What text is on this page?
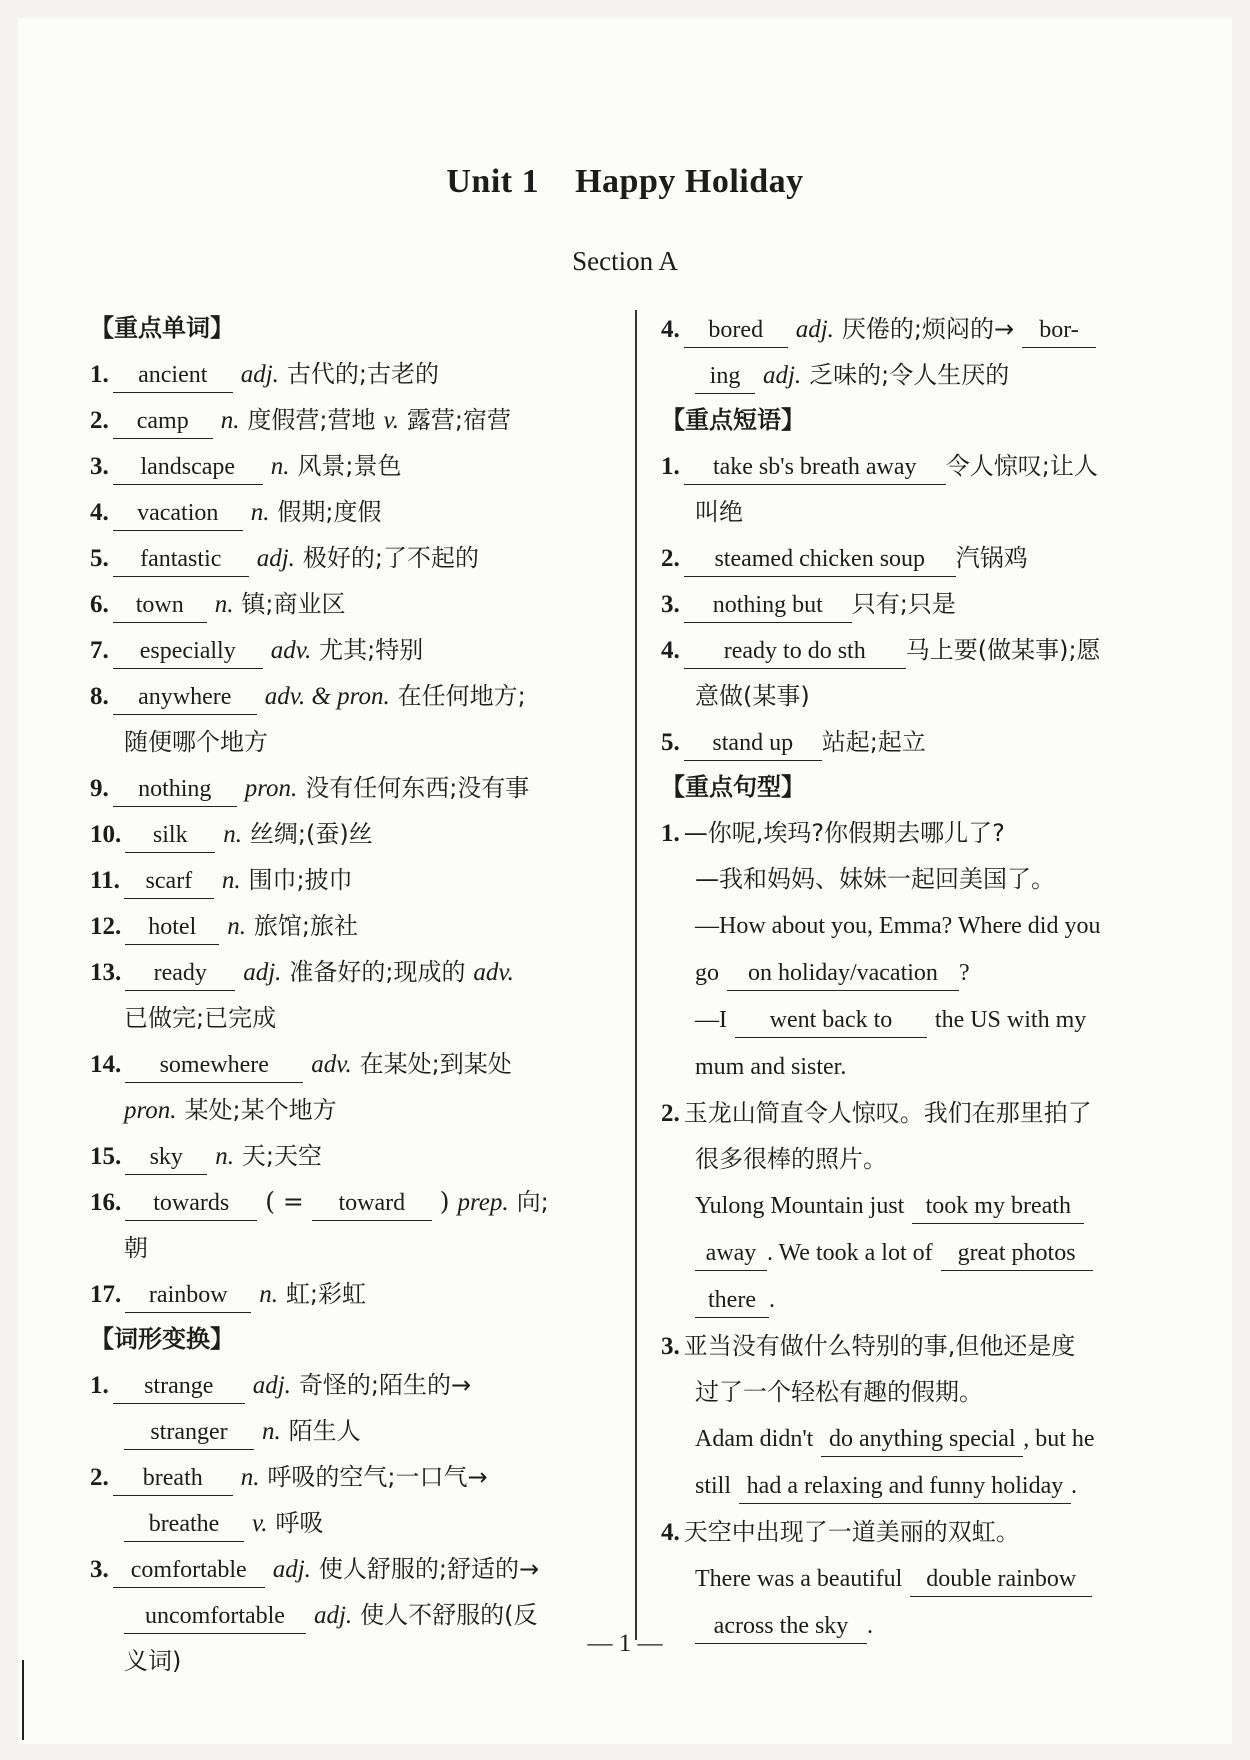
Unit 1 Happy Holiday
Section A
【重点单词】
1. ancient adj. 古代的;古老的
2. camp n. 度假营;营地 v. 露营;宿营
3. landscape n. 风景;景色
4. vacation n. 假期;度假
5. fantastic adj. 极好的;了不起的
6. town n. 镇;商业区
7. especially adv. 尤其;特别
8. anywhere adv. & pron. 在任何地方;
随便哪个地方
9. nothing pron. 没有任何东西;没有事
10. silk n. 丝绸;(蚕)丝
11. scarf n. 围巾;披巾
12. hotel n. 旅馆;旅社
13. ready adj. 准备好的;现成的 adv.
已做完;已完成
14. somewhere adv. 在某处;到某处
pron. 某处;某个地方
15. sky n. 天;天空
16. towards ( = toward ) prep. 向;
朝
17. rainbow n. 虹;彩虹
【词形变换】
1. strange adj. 奇怪的;陌生的→
stranger n. 陌生人
2. breath n. 呼吸的空气;一口气→
breathe v. 呼吸
3. comfortable adj. 使人舒服的;舒适的→
uncomfortable adj. 使人不舒服的(反
义词)
4. bored adj. 厌倦的;烦闷的→ bor-
ing adj. 乏味的;令人生厌的
【重点短语】
1. take sb's breath away 令人惊叹;让人
叫绝
2. steamed chicken soup 汽锅鸡
3. nothing but 只有;只是
4. ready to do sth 马上要(做某事);愿
意做(某事)
5. stand up 站起;起立
【重点句型】
1. —你呢,埃玛?你假期去哪儿了?
—我和妈妈、妹妹一起回美国了。
—How about you, Emma? Where did you
go on holiday/vacation ?
—I went back to the US with my
mum and sister.
2. 玉龙山简直令人惊叹。我们在那里拍了
很多很棒的照片。
Yulong Mountain just took my breath
away . We took a lot of great photos
there .
3. 亚当没有做什么特别的事,但他还是度
过了一个轻松有趣的假期。
Adam didn't do anything special , but he
still had a relaxing and funny holiday .
4. 天空中出现了一道美丽的双虹。
There was a beautiful double rainbow
across the sky .
— 1 —
